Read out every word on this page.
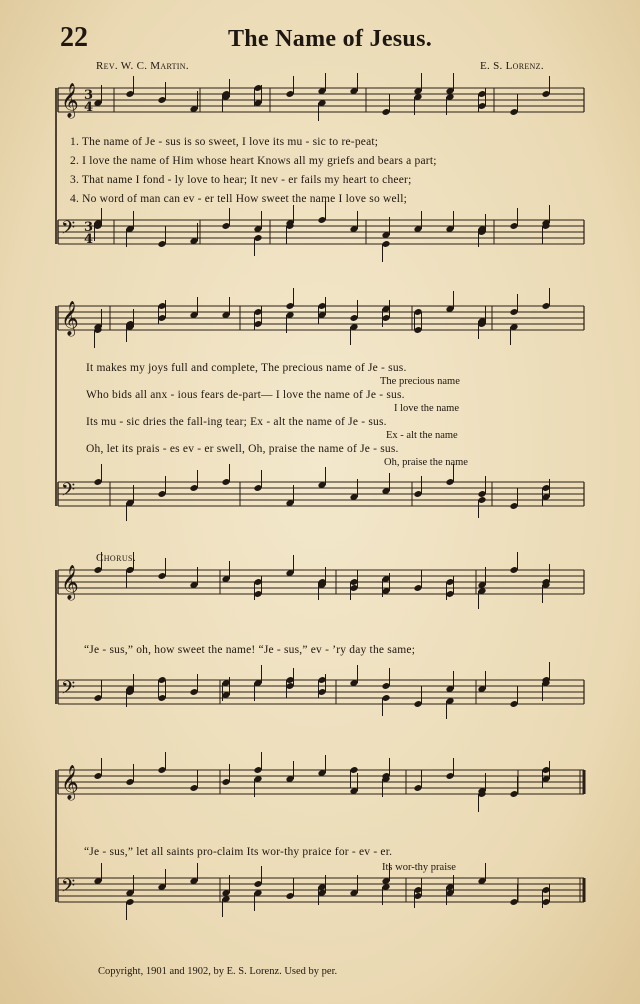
𝄞 3
4
𝄢 3
4
𝄞
𝄢
𝄞
𝄢
𝄞
𝄢
22	The Name of Jesus.
Rev. W. C. Martin.	E. S. Lorenz.
1. The name of Je - sus is so sweet, I love its mu - sic to re-peat;
2. I love the name of Him whose heart Knows all my griefs and bears a part;
3. That name I fond - ly love to hear; It nev - er fails my heart to cheer;
4. No word of man can ev - er tell How sweet the name I love so well;
It makes my joys full and complete, The precious name of Je - sus.
The precious name
Who bids all anx - ious fears de-part— I love the name of Je - sus.
I love the name
Its mu - sic dries the fall-ing tear; Ex - alt the name of Je - sus.
Ex - alt the name
Oh, let its prais - es ev - er swell, Oh, praise the name of Je - sus.
Oh, praise the name
Chorus.
“Je - sus,” oh, how sweet the name! “Je - sus,” ev - ’ry day the same;
“Je - sus,” let all saints pro-claim Its wor-thy praice for - ev - er.
Its wor-thy praise
Copyright, 1901 and 1902, by E. S. Lorenz. Used by per.
